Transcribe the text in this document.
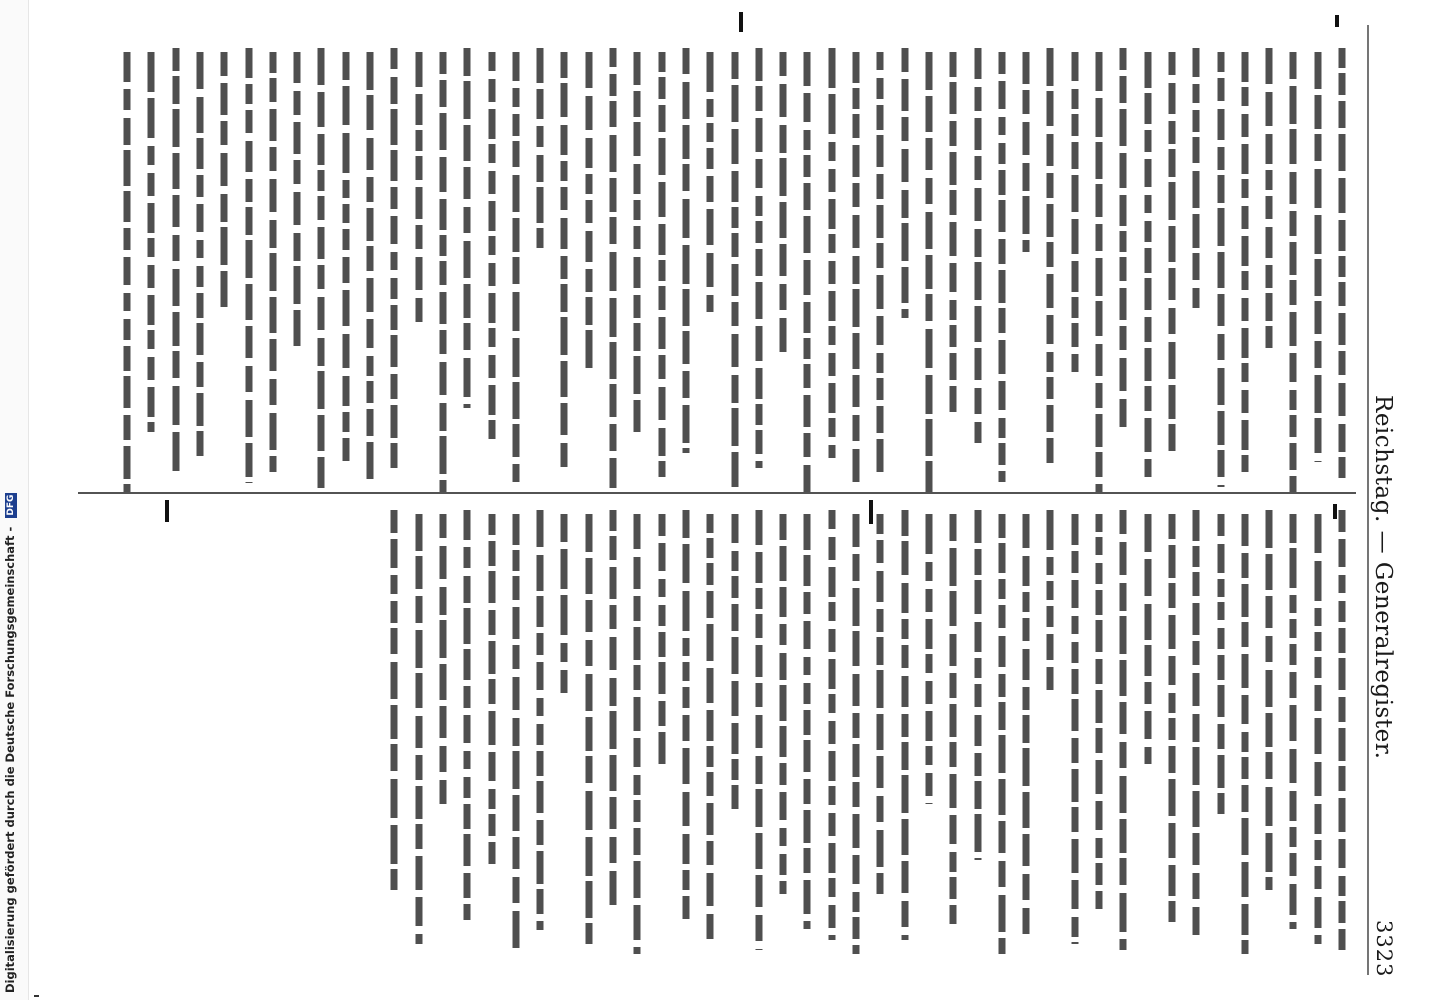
Reichstag. — Generalregister.
3323
Digitalisierung gefördert durch die Deutsche Forschungsgemeinschaft - DFG
